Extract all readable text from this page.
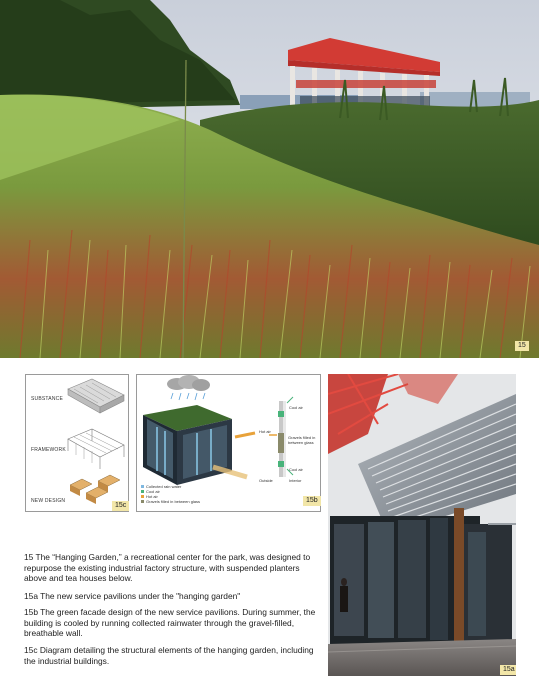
15
SUBSTANCE
FRAMEWORK
NEW DESIGN
15c
Collected rain water
Cool air
Hot air
Gravels filled in between glass
Cool air
Hot air
Gravels filled in between glass
Cool air
Outside	Interior
15b
15a

15 The “Hanging Garden,” a recreational center for the park, was designed to repurpose the existing industrial factory structure, with suspended planters above and tea houses below.

15a The new service pavilions under the "hanging garden"

15b The green facade design of the new service pavilions. During summer, the building is cooled by running collected rainwater through the gravel-filled, breathable wall.

15c Diagram detailing the structural elements of the hanging garden, including the industrial buildings.
